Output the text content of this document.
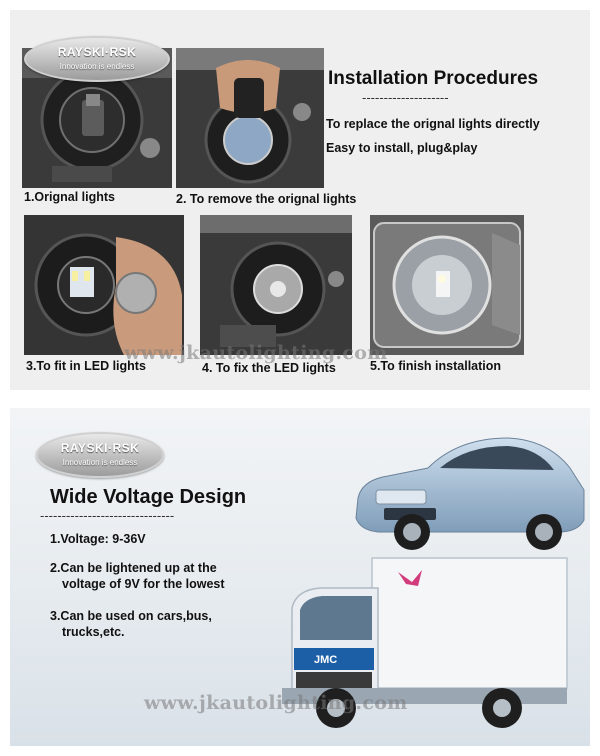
RAYSKI·RSK
Innovation is endless
Installation Procedures
--------------------
To replace the orignal lights directly
Easy to install, plug&play
1.Orignal lights	2. To remove the orignal lights
www.jkautolighting.com
3.To fit in LED lights	4. To fix the LED lights	5.To finish installation
RAYSKI·RSK
Innovation is endless
Wide Voltage Design
-------------------------------
1.Voltage: 9-36V
2.Can be lightened up at the
voltage of 9V for the lowest
3.Can be used on cars,bus,
trucks,etc.
JMC
www.jkautolighting.com
